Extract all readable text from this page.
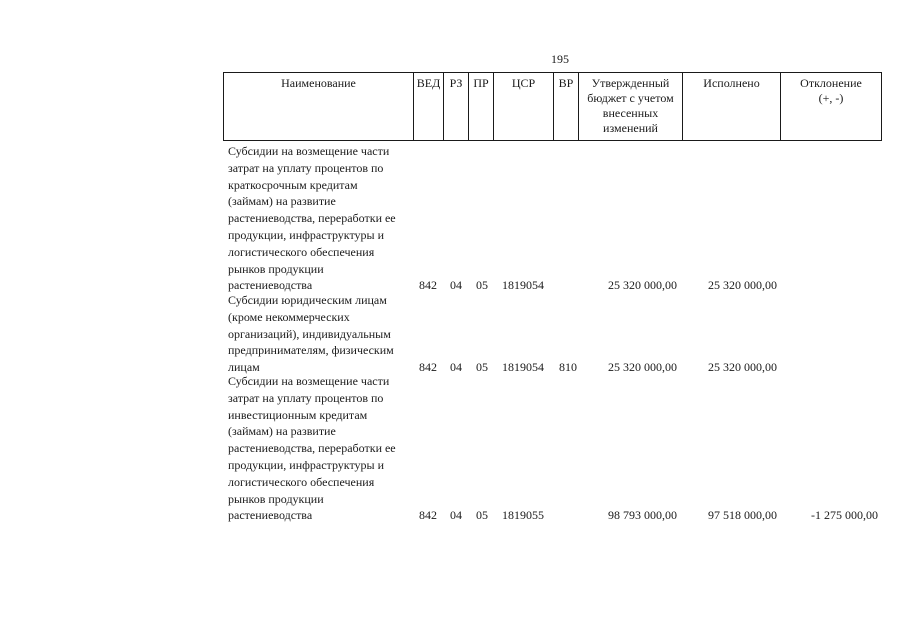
195
Наименование	ВЕД РЗ ПР	ЦСР	ВР	Утвержденный
бюджет с учетом
внесенных
изменений
Исполнено	Отклонение
(+, -)
Субсидии на возмещение части
затрат на уплату процентов по
краткосрочным кредитам
(займам) на развитие
растениеводства, переработки ее
продукции, инфраструктуры и
логистического обеспечения
рынков продукции
растениеводства	842 04 05 1819054	25 320 000,00	25 320 000,00
Субсидии юридическим лицам
(кроме некоммерческих
организаций), индивидуальным
предпринимателям, физическим
лицам	842 04 05 1819054 810	25 320 000,00	25 320 000,00
Субсидии на возмещение части
затрат на уплату процентов по
инвестиционным кредитам
(займам) на развитие
растениеводства, переработки ее
продукции, инфраструктуры и
логистического обеспечения
рынков продукции
растениеводства	842 04 05 1819055	98 793 000,00	97 518 000,00	-1 275 000,00
